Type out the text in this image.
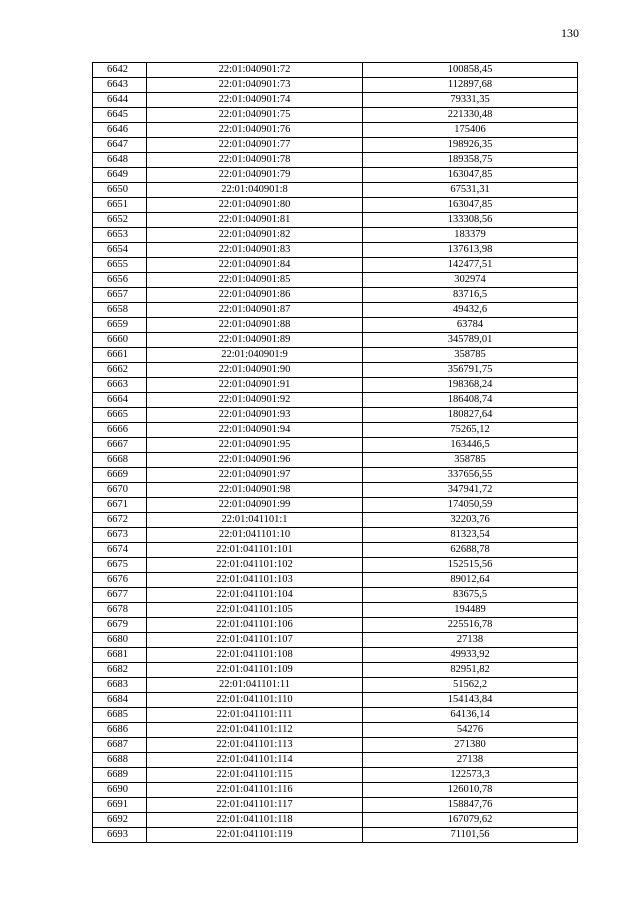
130
6642	22:01:040901:72	100858,45
6643	22:01:040901:73	112897,68
6644	22:01:040901:74	79331,35
6645	22:01:040901:75	221330,48
6646	22:01:040901:76	175406
6647	22:01:040901:77	198926,35
6648	22:01:040901:78	189358,75
6649	22:01:040901:79	163047,85
6650	22:01:040901:8	67531,31
6651	22:01:040901:80	163047,85
6652	22:01:040901:81	133308,56
6653	22:01:040901:82	183379
6654	22:01:040901:83	137613,98
6655	22:01:040901:84	142477,51
6656	22:01:040901:85	302974
6657	22:01:040901:86	83716,5
6658	22:01:040901:87	49432,6
6659	22:01:040901:88	63784
6660	22:01:040901:89	345789,01
6661	22:01:040901:9	358785
6662	22:01:040901:90	356791,75
6663	22:01:040901:91	198368,24
6664	22:01:040901:92	186408,74
6665	22:01:040901:93	180827,64
6666	22:01:040901:94	75265,12
6667	22:01:040901:95	163446,5
6668	22:01:040901:96	358785
6669	22:01:040901:97	337656,55
6670	22:01:040901:98	347941,72
6671	22:01:040901:99	174050,59
6672	22:01:041101:1	32203,76
6673	22:01:041101:10	81323,54
6674	22:01:041101:101	62688,78
6675	22:01:041101:102	152515,56
6676	22:01:041101:103	89012,64
6677	22:01:041101:104	83675,5
6678	22:01:041101:105	194489
6679	22:01:041101:106	225516,78
6680	22:01:041101:107	27138
6681	22:01:041101:108	49933,92
6682	22:01:041101:109	82951,82
6683	22:01:041101:11	51562,2
6684	22:01:041101:110	154143,84
6685	22:01:041101:111	64136,14
6686	22:01:041101:112	54276
6687	22:01:041101:113	271380
6688	22:01:041101:114	27138
6689	22:01:041101:115	122573,3
6690	22:01:041101:116	126010,78
6691	22:01:041101:117	158847,76
6692	22:01:041101:118	167079,62
6693	22:01:041101:119	71101,56
